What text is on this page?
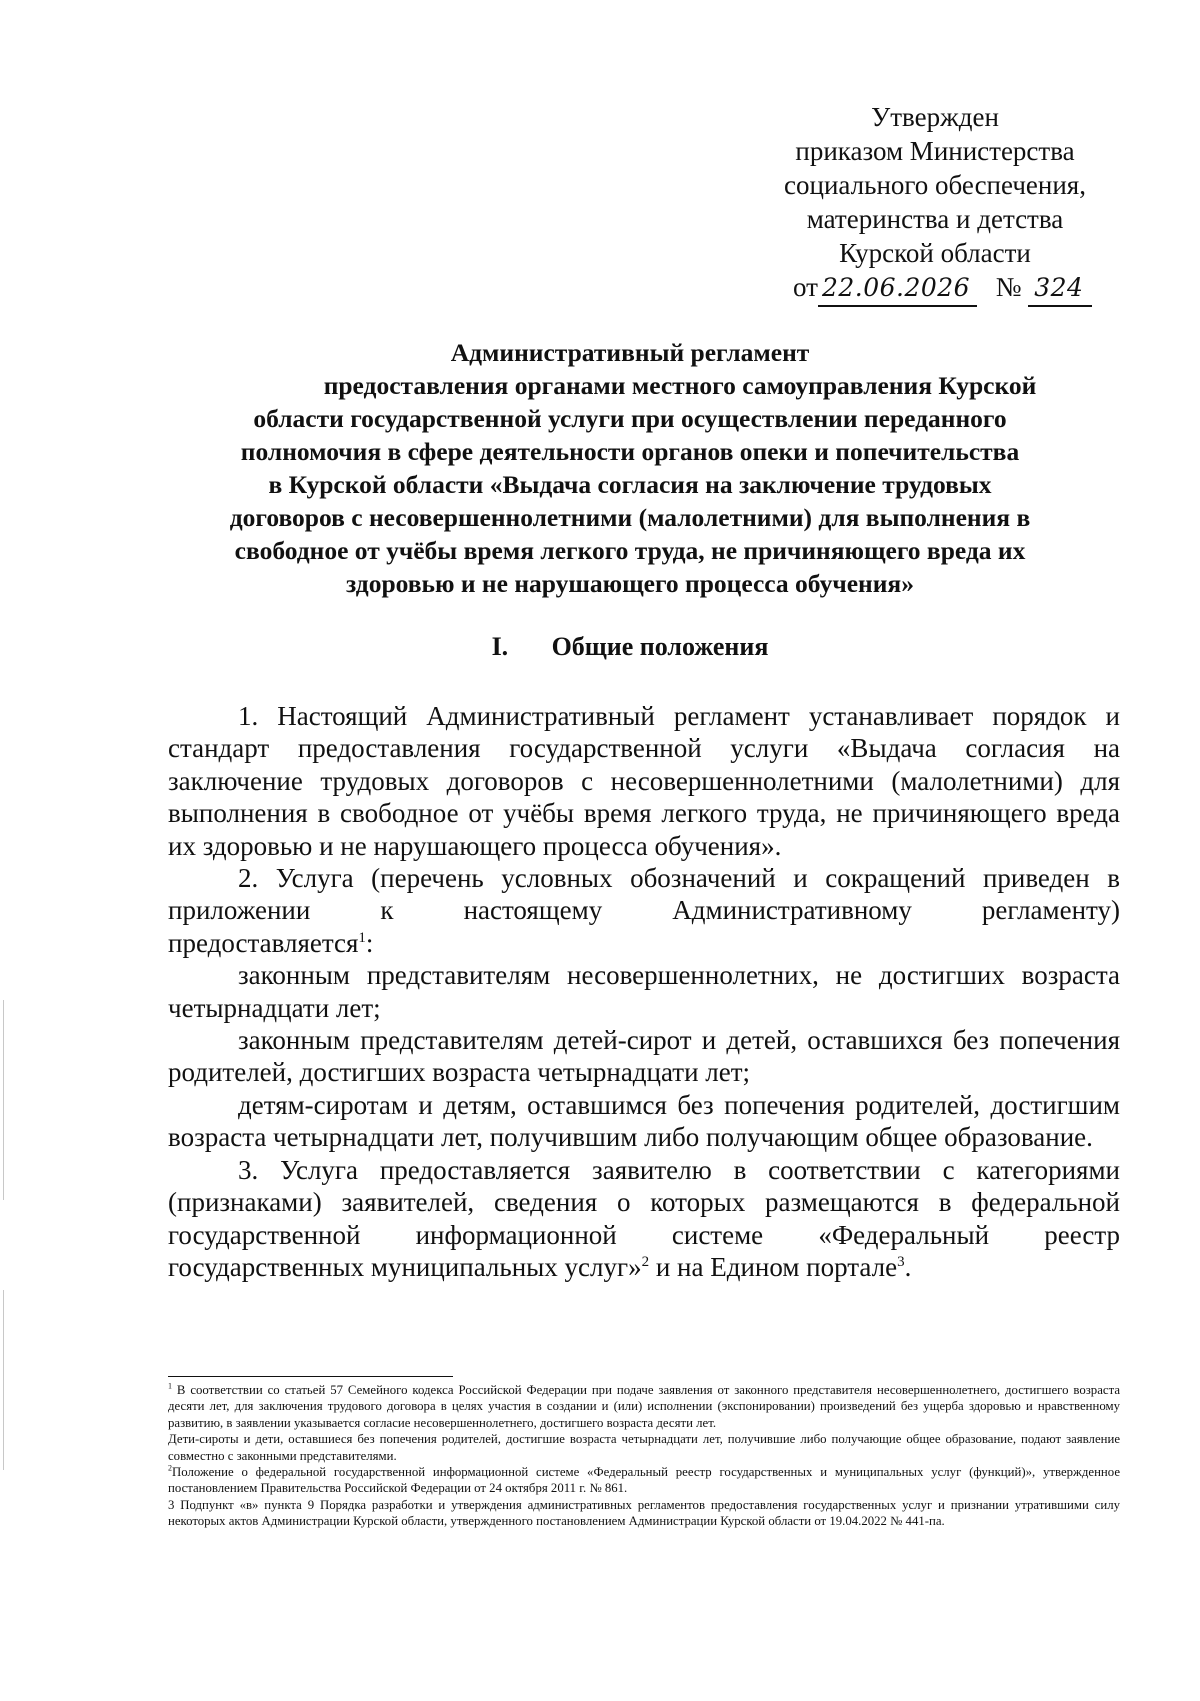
Утвержден
приказом Министерства
социального обеспечения,
материнства и детства
Курской области
от 22.06.2026 № 324
Административный регламент
предоставления органами местного самоуправления Курской
области государственной услуги при осуществлении переданного
полномочия в сфере деятельности органов опеки и попечительства
в Курской области «Выдача согласия на заключение трудовых
договоров с несовершеннолетними (малолетними) для выполнения в
свободное от учёбы время легкого труда, не причиняющего вреда их
здоровью и не нарушающего процесса обучения»
I. Общие положения

1. Настоящий Административный регламент устанавливает порядок и стандарт предоставления государственной услуги «Выдача согласия на заключение трудовых договоров с несовершеннолетними (малолетними) для выполнения в свободное от учёбы время легкого труда, не причиняющего вреда их здоровью и не нарушающего процесса обучения».

2. Услуга (перечень условных обозначений и сокращений приведен в

приложении к настоящему Административному регламенту)

предоставляется$^1$:

законным представителям несовершеннолетних, не достигших возраста четырнадцати лет;

законным представителям детей-сирот и детей, оставшихся без попечения родителей, достигших возраста четырнадцати лет;

детям-сиротам и детям, оставшимся без попечения родителей, достигшим возраста четырнадцати лет, получившим либо получающим общее образование.

3. Услуга предоставляется заявителю в соответствии с категориями (признаками) заявителей, сведения о которых размещаются в федеральной государственной информационной системе «Федеральный реестр государственных муниципальных услуг»$^2$ и на Едином портале$^3$.

$^1$ В соответствии со статьей 57 Семейного кодекса Российской Федерации при подаче заявления от законного представителя несовершеннолетнего, достигшего возраста десяти лет, для заключения трудового договора в целях участия в создании и (или) исполнении (экспонировании) произведений без ущерба здоровью и нравственному развитию, в заявлении указывается согласие несовершеннолетнего, достигшего возраста десяти лет.

Дети-сироты и дети, оставшиеся без попечения родителей, достигшие возраста четырнадцати лет, получившие либо получающие общее образование, подают заявление совместно с законными представителями.

$^2$Положение о федеральной государственной информационной системе «Федеральный реестр государственных и муниципальных услуг (функций)», утвержденное постановлением Правительства Российской Федерации от 24 октября 2011 г. № 861.

3 Подпункт «в» пункта 9 Порядка разработки и утверждения административных регламентов предоставления государственных услуг и признании утратившими силу некоторых актов Администрации Курской области, утвержденного постановлением Администрации Курской области от 19.04.2022 № 441-па.
